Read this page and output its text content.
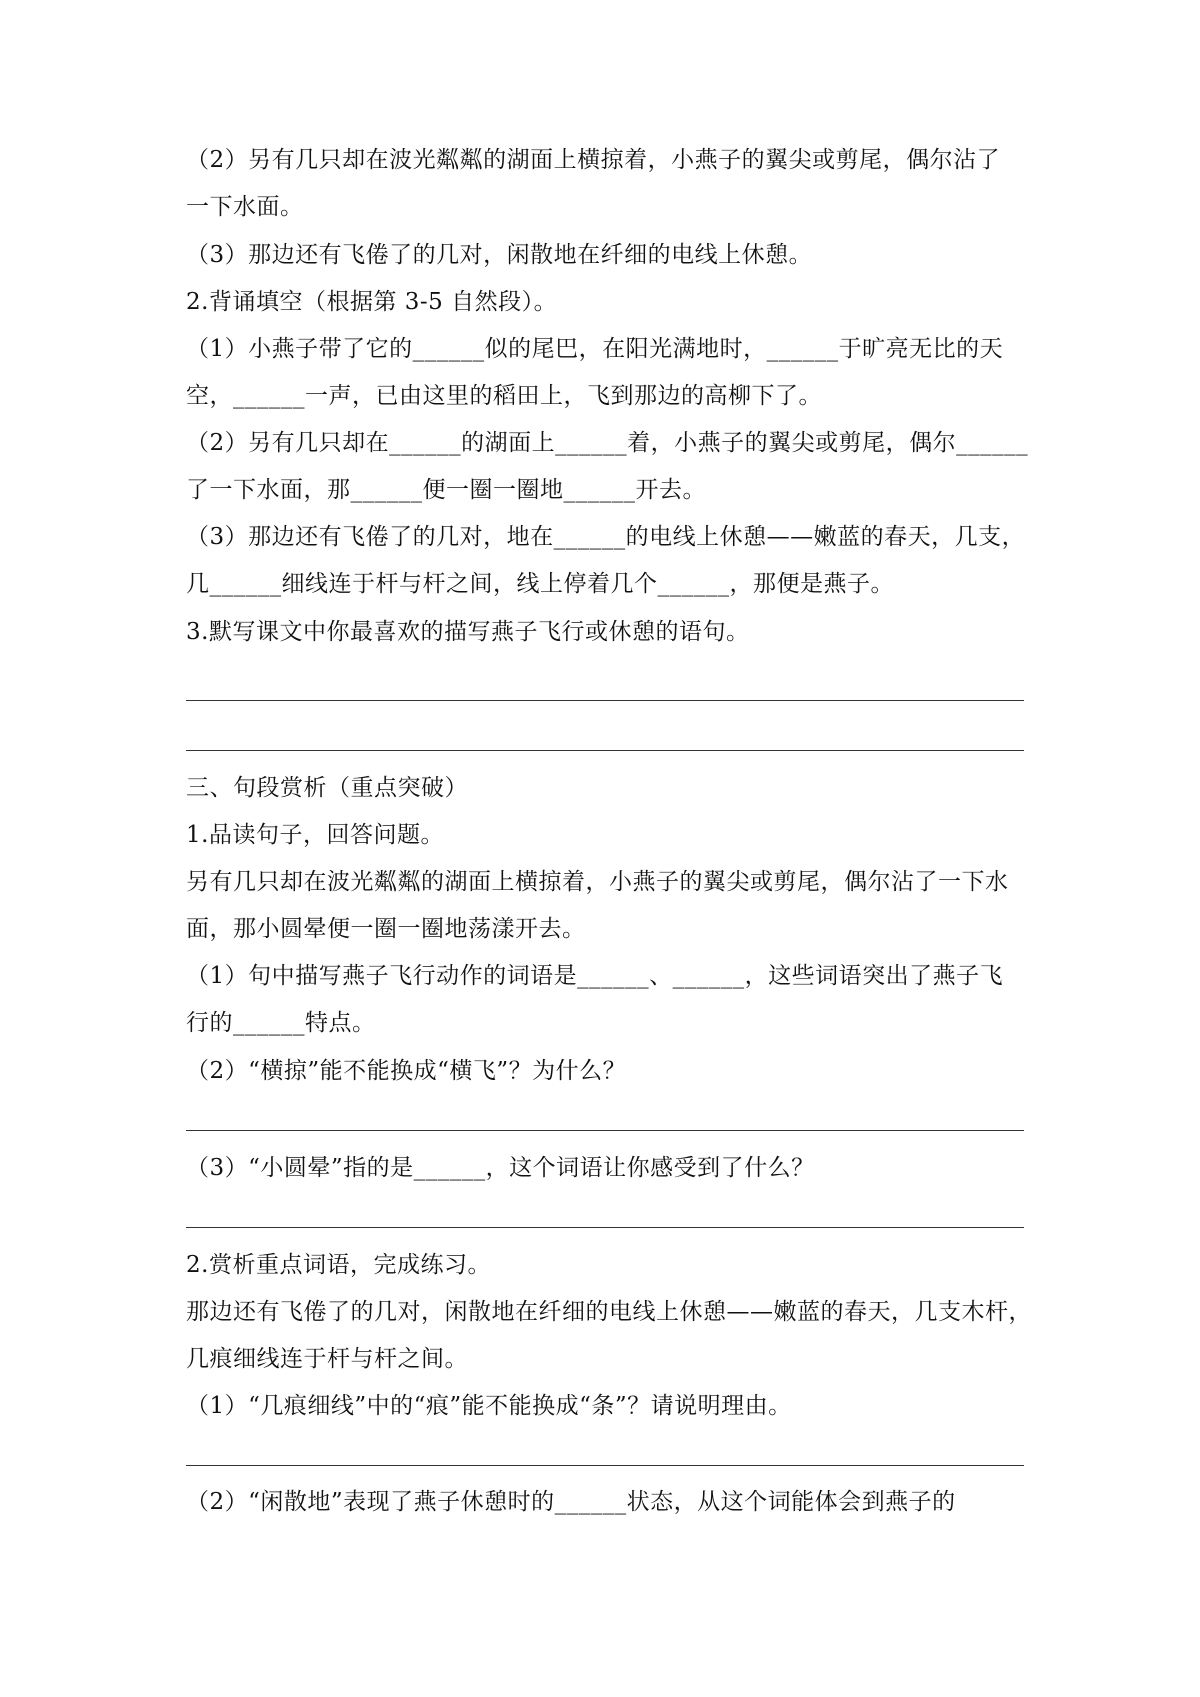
（2）另有几只却在波光粼粼的湖面上横掠着，小燕子的翼尖或剪尾，偶尔沾了
一下水面。
（3）那边还有飞倦了的几对，闲散地在纤细的电线上休憩。
2.背诵填空（根据第 3-5 自然段）。
（1）小燕子带了它的______似的尾巴，在阳光满地时，______于旷亮无比的天
空，______一声，已由这里的稻田上，飞到那边的高柳下了。
（2）另有几只却在______的湖面上______着，小燕子的翼尖或剪尾，偶尔______
了一下水面，那______便一圈一圈地______开去。
（3）那边还有飞倦了的几对，地在______的电线上休憩——嫩蓝的春天，几支，
几______细线连于杆与杆之间，线上停着几个______，那便是燕子。
3.默写课文中你最喜欢的描写燕子飞行或休憩的语句。
三、句段赏析（重点突破）
1.品读句子，回答问题。
另有几只却在波光粼粼的湖面上横掠着，小燕子的翼尖或剪尾，偶尔沾了一下水
面，那小圆晕便一圈一圈地荡漾开去。
（1）句中描写燕子飞行动作的词语是______、______，这些词语突出了燕子飞
行的______特点。
（2）“横掠”能不能换成“横飞”？为什么？
（3）“小圆晕”指的是______，这个词语让你感受到了什么？
2.赏析重点词语，完成练习。
那边还有飞倦了的几对，闲散地在纤细的电线上休憩——嫩蓝的春天，几支木杆，
几痕细线连于杆与杆之间。
（1）“几痕细线”中的“痕”能不能换成“条”？请说明理由。
（2）“闲散地”表现了燕子休憩时的______状态，从这个词能体会到燕子的
